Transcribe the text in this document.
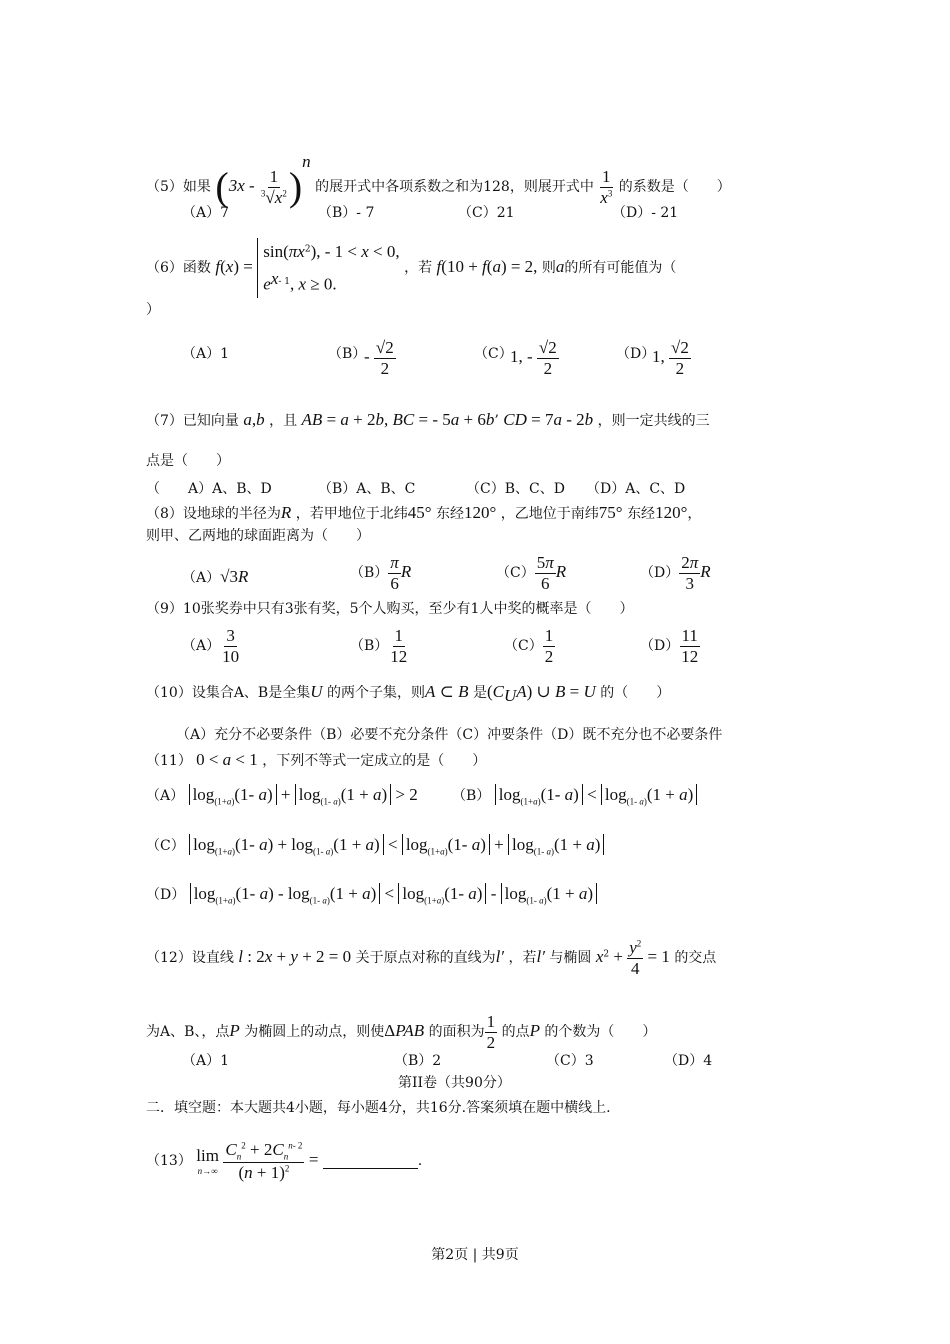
（5）如果 $(3x - \frac{1}{^3√x^2} )^n$ 的展开式中各项系数之和为128，则展开式中 $\frac{1}{x^3}$ 的系数是（　　）
（A）7	（B）- 7	（C）21	（D）- 21
（6）函数 $f(x) = \sin(\pi x^2)$, - 1 < x < 0,
$e^{x- 1}$, x ≥ 0. ，若 f(10 + f(a) = 2, 则a的所有可能值为（
）
（A）1	（B）
- $\frac{√2}{2}$	（C）
1, - $\frac{√2}{2}$	（D）
1, $\frac{√2}{2}$
（7）已知向量 a,b ，且 AB = a + 2b, BC = - 5a + 6b’ CD = 7a - 2b ，则一定共线的三
点是（　　）
（　　A）A、B、D	（B）A、B、C	（C）B、C、D （D）A、C、D
（8）设地球的半径为R ，若甲地位于北纬45° 东经120° ，乙地位于南纬75° 东经120°，
则甲、乙两地的球面距离为（　　）
（A）√3R	$(B) \frac{\pi}{6}$ R	$(C) \frac{5\pi}{6}$ R	$(D) \frac{2\pi}{3}$ R
（9）10张奖券中只有3张有奖，5个人购买，至少有1人中奖的概率是（　　）
$(A) \frac{3}{10}$	$(B) \frac{1}{12}$	$(C) \frac{1}{2}$	$(D) \frac{11}{12}$
（10）设集合A、B是全集U 的两个子集，则A ⊂ B 是$(C_UA)$ ∪ B = U 的（　　）
（A）充分不必要条件（B）必要不充分条件（C）冲要条件（D）既不充分也不必要条件
（11） 0 < a < 1 ，下列不等式一定成立的是（　　）
（A） $\log_{(1+a)}(1-$ $a) + \log_{(1- a)}(1 + a) > 2$ （B） $\log_{(1+a)}(1-$ $a) < \log_{(1- a)}(1 + a)$
（C） $\log_{(1+a)}(1-$ $a) + \log_{(1- a)}(1 + a) < \log_{(1+a)}(1-$ $a) + \log_{(1- a)}(1 + a)$
（D） $\log_{(1+a)}(1-$ $a) - \log_{(1- a)}(1 + a) < \log_{(1+a)}(1-$ $a) - \log_{(1- a)}(1 + a)$
（12）设直线 l : 2x + y + 2 = 0 关于原点对称的直线为l′ ，若l′ 与椭圆 $x^2 + \frac{y^2}{4} = 1$ 的交点
为A、B、，点P 为椭圆上的动点，则使ΔPAB 的面积为 $\frac{1}{2}$ 的点P 的个数为（　　）
（A）1	（B）2	（C）3	（D）4
第II卷（共90分）
二．填空题：本大题共4小题，每小题4分，共16分.答案须填在题中横线上.
（13） lim
n→∞
$\frac{C_n^2 + 2C_n^{n- 2}}{(n + 1)^2}$ =	.
第2页 | 共9页
